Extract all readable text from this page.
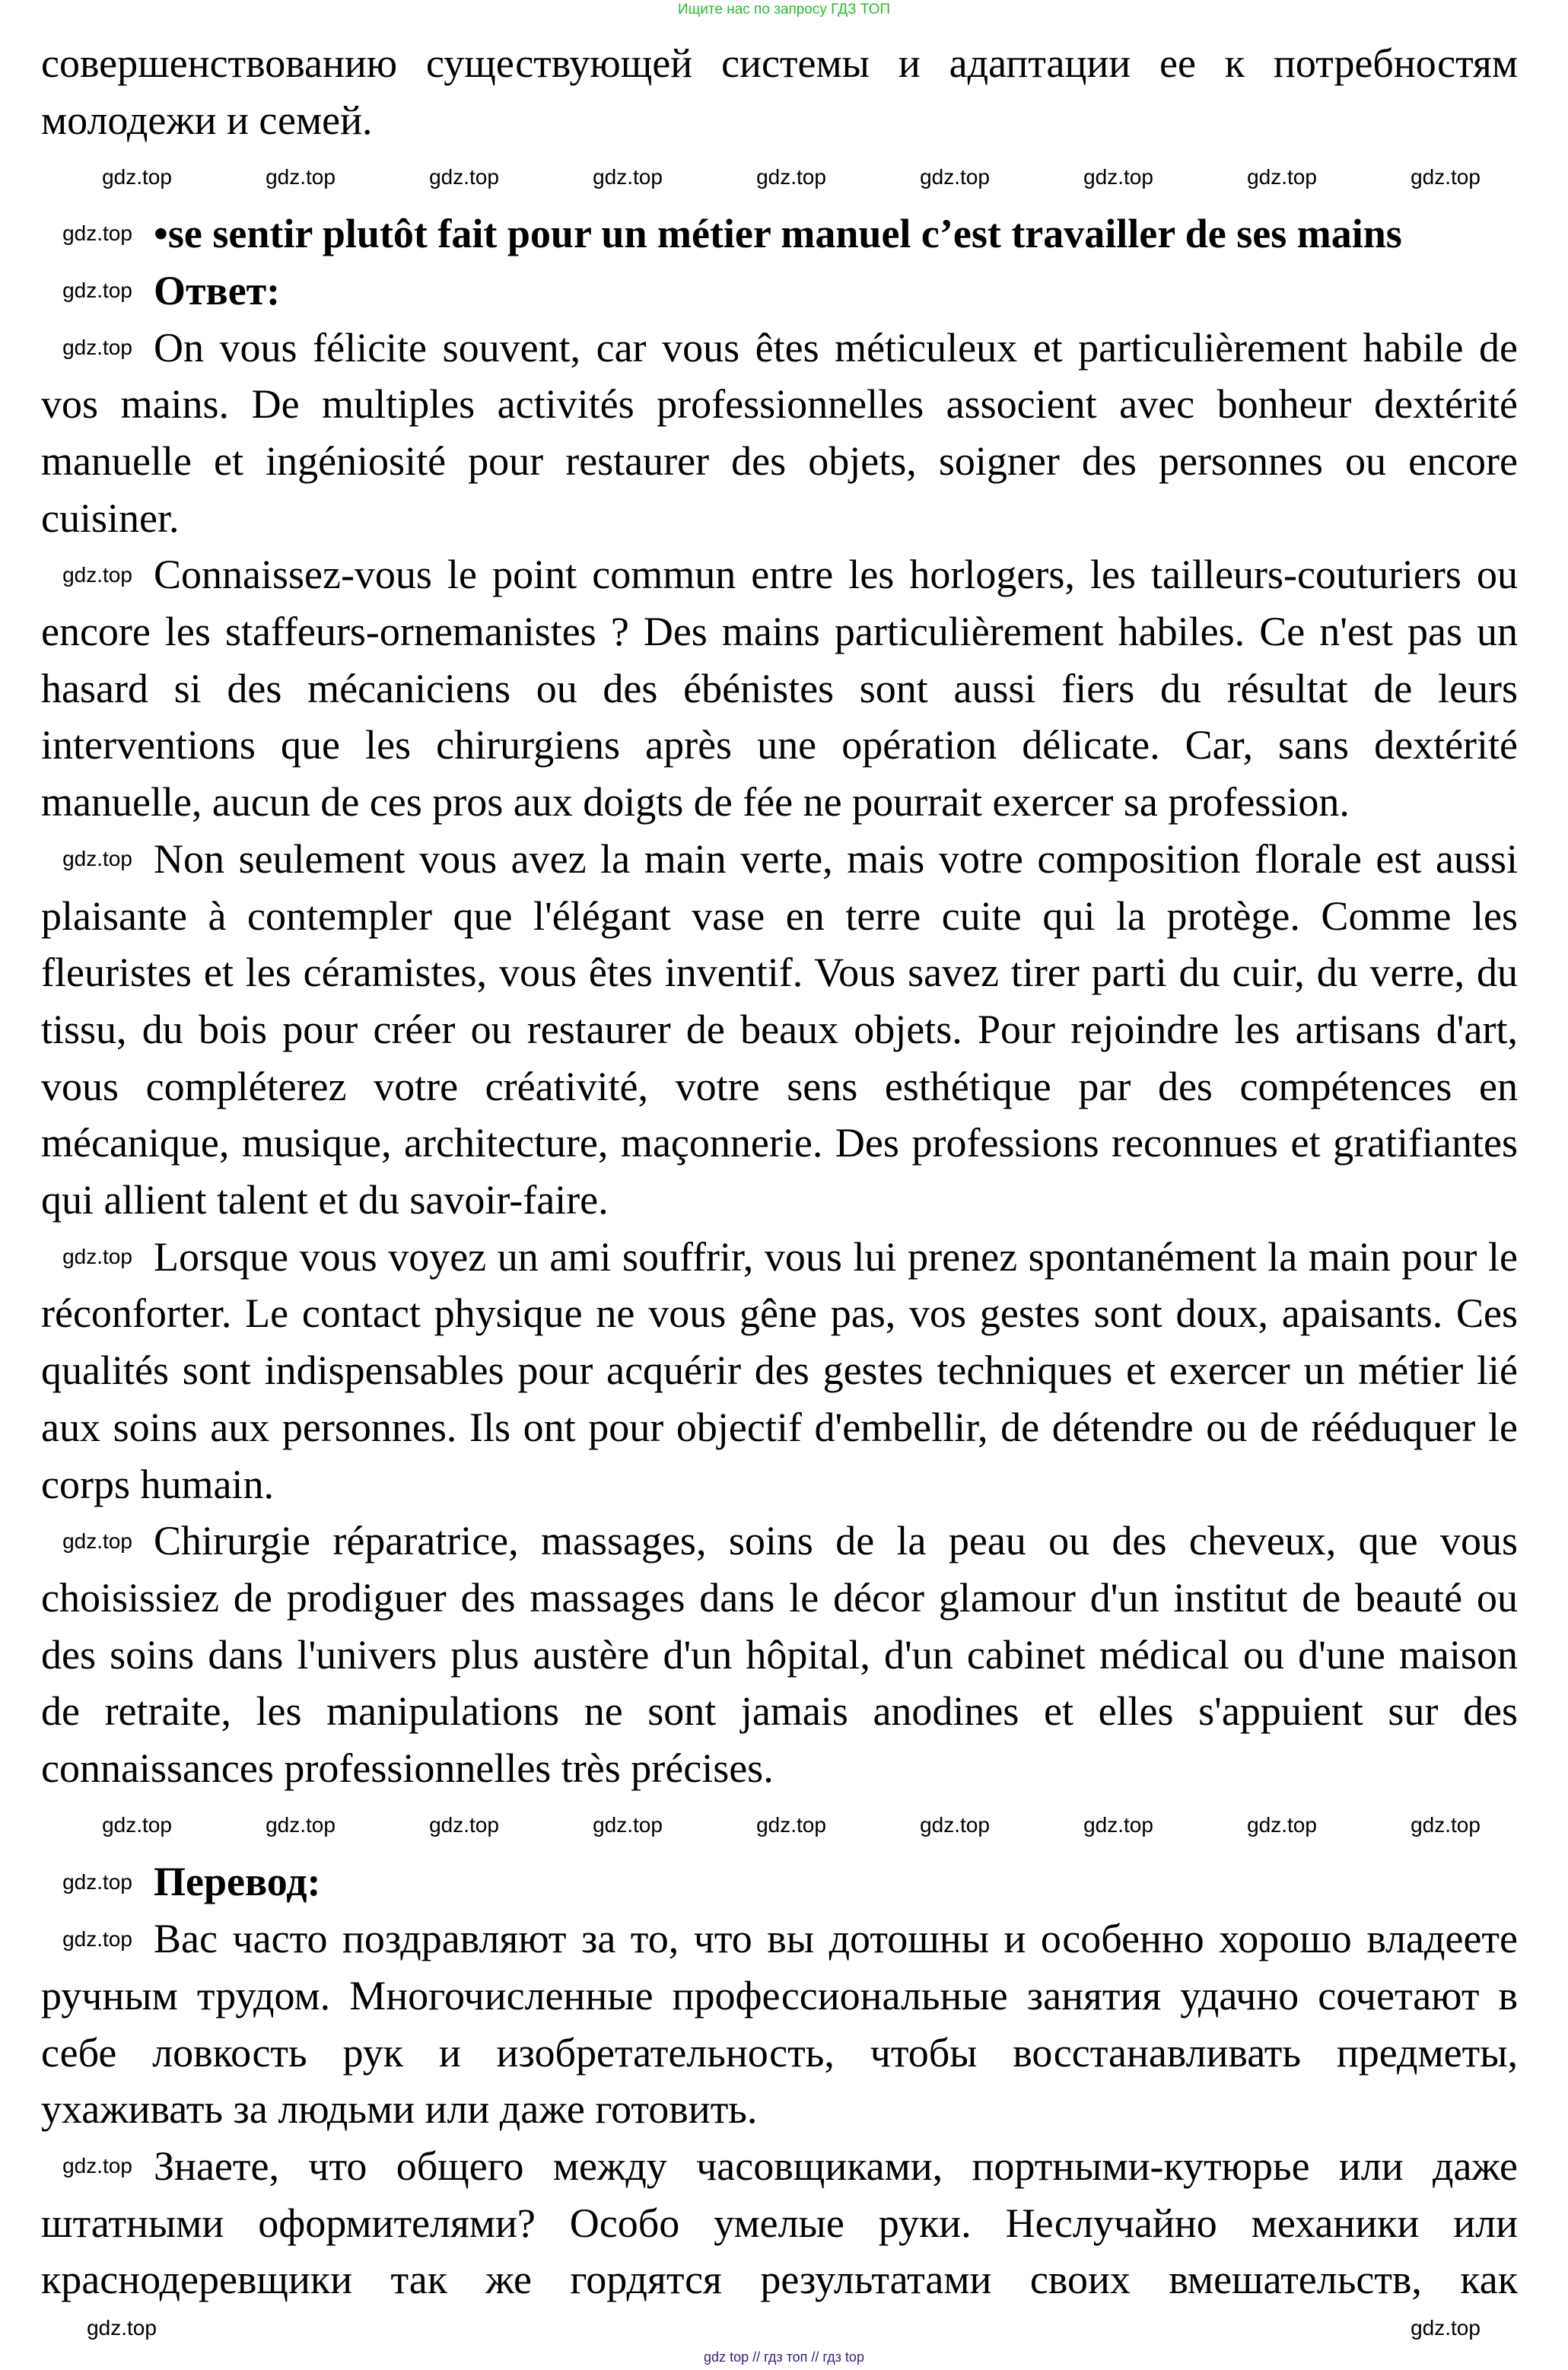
Ищите нас по запросу ГДЗ ТОП

совершенствованию существующей системы и адаптации ее к потребностям молодежи и семей.

•se sentir plutôt fait pour un métier manuel c’est travailler de ses mains

Ответ:

On vous félicite souvent, car vous êtes méticuleux et particulièrement habile de vos mains. De multiples activités professionnelles associent avec bonheur dextérité manuelle et ingéniosité pour restaurer des objets, soigner des personnes ou encore cuisiner.

Connaissez-vous le point commun entre les horlogers, les tailleurs-couturiers ou encore les staffeurs-ornemanistes ? Des mains particulièrement habiles. Ce n'est pas un hasard si des mécaniciens ou des ébénistes sont aussi fiers du résultat de leurs interventions que les chirurgiens après une opération délicate. Car, sans dextérité manuelle, aucun de ces pros aux doigts de fée ne pourrait exercer sa profession.

Non seulement vous avez la main verte, mais votre composition florale est aussi plaisante à contempler que l'élégant vase en terre cuite qui la protège. Comme les fleuristes et les céramistes, vous êtes inventif. Vous savez tirer parti du cuir, du verre, du tissu, du bois pour créer ou restaurer de beaux objets. Pour rejoindre les artisans d'art, vous compléterez votre créativité, votre sens esthétique par des compétences en mécanique, musique, architecture, maçonnerie. Des professions reconnues et gratifiantes qui allient talent et du savoir-faire.

Lorsque vous voyez un ami souffrir, vous lui prenez spontanément la main pour le réconforter. Le contact physique ne vous gêne pas, vos gestes sont doux, apaisants. Ces qualités sont indispensables pour acquérir des gestes techniques et exercer un métier lié aux soins aux personnes. Ils ont pour objectif d'embellir, de détendre ou de rééduquer le corps humain.

Chirurgie réparatrice, massages, soins de la peau ou des cheveux, que vous choisissiez de prodiguer des massages dans le décor glamour d'un institut de beauté ou des soins dans l'univers plus austère d'un hôpital, d'un cabinet médical ou d'une maison de retraite, les manipulations ne sont jamais anodines et elles s'appuient sur des connaissances professionnelles très précises.

Перевод:

Вас часто поздравляют за то, что вы дотошны и особенно хорошо владеете ручным трудом. Многочисленные профессиональные занятия удачно сочетают в себе ловкость рук и изобретательность, чтобы восстанавливать предметы, ухаживать за людьми или даже готовить.

Знаете, что общего между часовщиками, портными-кутюрье или даже штатными оформителями? Особо умелые руки. Неслучайно механики или краснодеревщики так же гордятся результатами своих вмешательств, как

gdz.top	gdz.top	gdz.top	gdz.top	gdz.top	gdz.top	gdz.top	gdz.top	gdz.top
gdz.top	gdz.top	gdz.top	gdz.top	gdz.top	gdz.top	gdz.top	gdz.top	gdz.top
gdz.top
gdz.top
gdz.top
gdz.top
gdz.top
gdz.top
gdz.top
gdz.top
gdz.top
gdz.top
gdz.top	gdz.top
gdz top // гдз топ // гдз top
